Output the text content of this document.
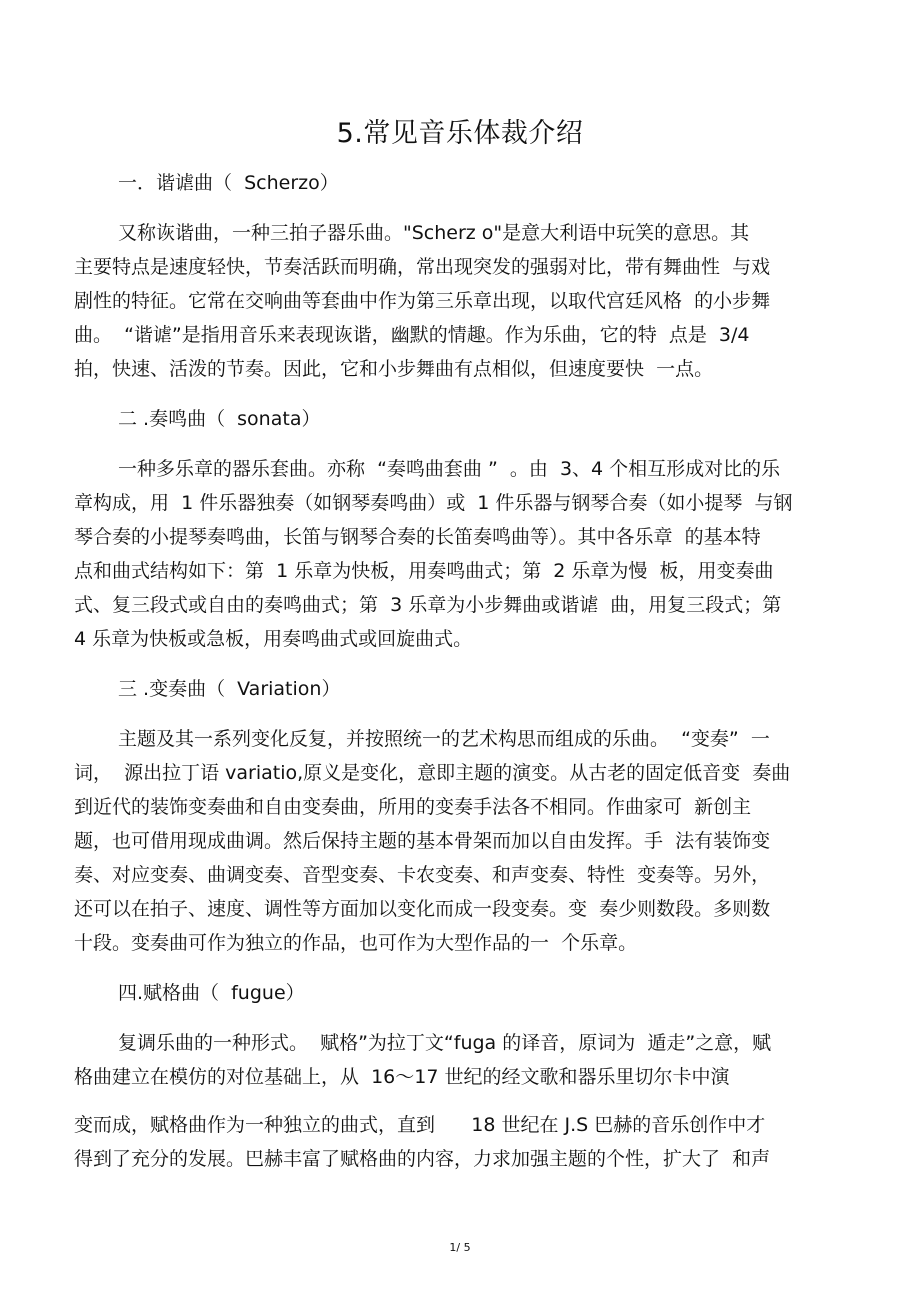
5.常见音乐体裁介绍
一．谐谑曲（  Scherzo）
又称诙谐曲，一种三拍子器乐曲。"Scherz o"是意大利语中玩笑的意思。其
主要特点是速度轻快，节奏活跃而明确，常出现突发的强弱对比，带有舞曲性  与戏
剧性的特征。它常在交响曲等套曲中作为第三乐章出现，以取代宫廷风格  的小步舞
曲。  “谐谑”是指用音乐来表现诙谐，幽默的情趣。作为乐曲，它的特  点是  3/4
拍，快速、活泼的节奏。因此，它和小步舞曲有点相似，但速度要快  一点。
二 .奏鸣曲（  sonata）
一种多乐章的器乐套曲。亦称  “奏鸣曲套曲 ”  。由  3、4 个相互形成对比的乐
章构成，用  1 件乐器独奏（如钢琴奏鸣曲）或  1 件乐器与钢琴合奏（如小提琴  与钢
琴合奏的小提琴奏鸣曲，长笛与钢琴合奏的长笛奏鸣曲等）。其中各乐章  的基本特
点和曲式结构如下：第  1 乐章为快板，用奏鸣曲式；第  2 乐章为慢  板，用变奏曲
式、复三段式或自由的奏鸣曲式；第  3 乐章为小步舞曲或谐谑  曲，用复三段式；第
4 乐章为快板或急板，用奏鸣曲式或回旋曲式。
三 .变奏曲（  Variation）
主题及其一系列变化反复，并按照统一的艺术构思而组成的乐曲。  “变奏”  一
词，  源出拉丁语 variatio,原义是变化，意即主题的演变。从古老的固定低音变  奏曲
到近代的装饰变奏曲和自由变奏曲，所用的变奏手法各不相同。作曲家可  新创主
题，也可借用现成曲调。然后保持主题的基本骨架而加以自由发挥。手  法有装饰变
奏、对应变奏、曲调变奏、音型变奏、卡农变奏、和声变奏、特性  变奏等。另外，
还可以在拍子、速度、调性等方面加以变化而成一段变奏。变  奏少则数段。多则数
十段。变奏曲可作为独立的作品，也可作为大型作品的一  个乐章。
四.赋格曲（  fugue）
复调乐曲的一种形式。  赋格”为拉丁文“fuga 的译音，原词为  遁走”之意，赋
格曲建立在模仿的对位基础上，从  16～17 世纪的经文歌和器乐里切尔卡中演
变而成，赋格曲作为一种独立的曲式，直到      18 世纪在 J.S 巴赫的音乐创作中才
得到了充分的发展。巴赫丰富了赋格曲的内容，力求加强主题的个性，扩大了  和声
1/ 5
